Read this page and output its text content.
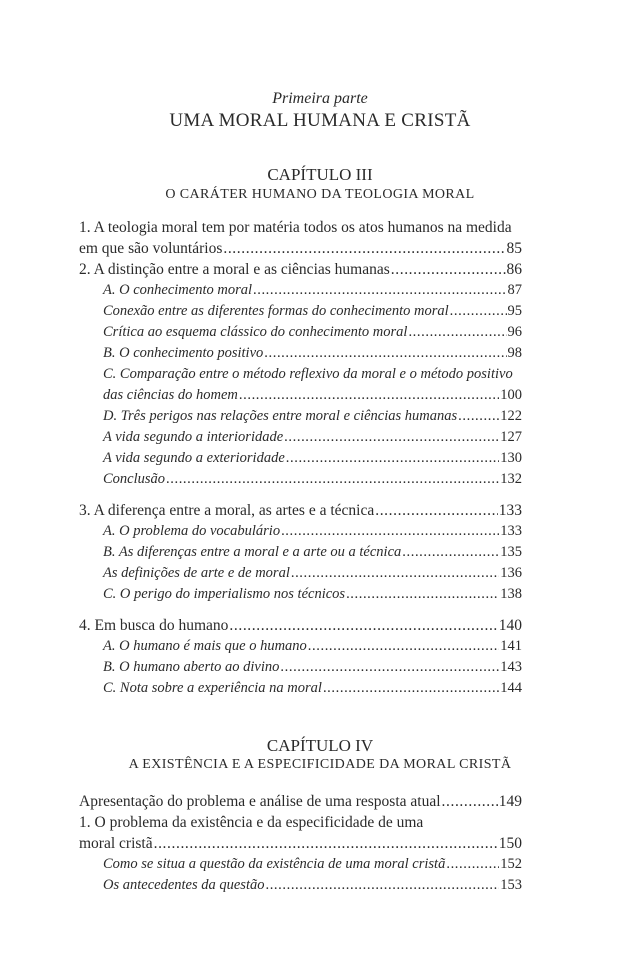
Primeira parte
UMA MORAL HUMANA E CRISTÃ
CAPÍTULO III
O CARÁTER HUMANO DA TEOLOGIA MORAL
1. A teologia moral tem por matéria todos os atos humanos na medida
em que são voluntários .....	85
2. A distinção entre a moral e as ciências humanas .....	86
A. O conhecimento moral .....	87
Conexão entre as diferentes formas do conhecimento moral .....	95
Crítica ao esquema clássico do conhecimento moral .....	96
B. O conhecimento positivo .....	98
C. Comparação entre o método reflexivo da moral e o método positivo
das ciências do homem .....	100
D. Três perigos nas relações entre moral e ciências humanas .....	122
A vida segundo a interioridade .....	127
A vida segundo a exterioridade .....	130
Conclusão .....	132
3. A diferença entre a moral, as artes e a técnica .....	133
A. O problema do vocabulário .....	133
B. As diferenças entre a moral e a arte ou a técnica .....	135
As definições de arte e de moral .....	136
C. O perigo do imperialismo nos técnicos .....	138
4. Em busca do humano .....	140
A. O humano é mais que o humano .....	141
B. O humano aberto ao divino .....	143
C. Nota sobre a experiência na moral .....	144
CAPÍTULO IV
A EXISTÊNCIA E A ESPECIFICIDADE DA MORAL CRISTÃ
Apresentação do problema e análise de uma resposta atual .....	149
1. O problema da existência e da especificidade de uma
moral cristã .....	150
Como se situa a questão da existência de uma moral cristã .....	152
Os antecedentes da questão .....	153
